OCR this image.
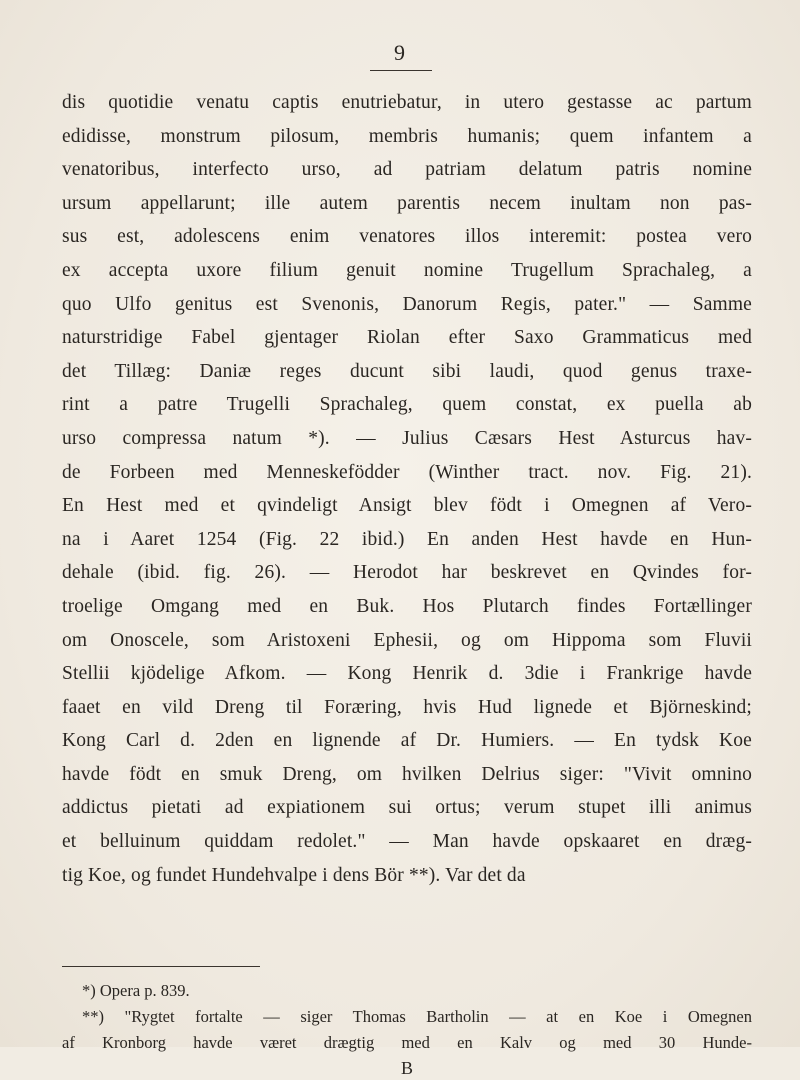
9
dis quotidie venatu captis enutriebatur, in utero gestasse ac partum
edidisse, monstrum pilosum, membris humanis; quem infantem a
venatoribus, interfecto urso, ad patriam delatum patris nomine
ursum appellarunt; ille autem parentis necem inultam non pas-
sus est, adolescens enim venatores illos interemit: postea vero
ex accepta uxore filium genuit nomine Trugellum Sprachaleg, a
quo Ulfo genitus est Svenonis, Danorum Regis, pater." — Samme
naturstridige Fabel gjentager Riolan efter Saxo Grammaticus med
det Tillæg: Daniæ reges ducunt sibi laudi, quod genus traxe-
rint a patre Trugelli Sprachaleg, quem constat, ex puella ab
urso compressa natum *). — Julius Cæsars Hest Asturcus hav-
de Forbeen med Menneskefödder (Winther tract. nov. Fig. 21).
En Hest med et qvindeligt Ansigt blev födt i Omegnen af Vero-
na i Aaret 1254 (Fig. 22 ibid.) En anden Hest havde en Hun-
dehale (ibid. fig. 26). — Herodot har beskrevet en Qvindes for-
troelige Omgang med en Buk. Hos Plutarch findes Fortællinger
om Onoscele, som Aristoxeni Ephesii, og om Hippoma som Fluvii
Stellii kjödelige Afkom. — Kong Henrik d. 3die i Frankrige havde
faaet en vild Dreng til Foræring, hvis Hud lignede et Björneskind;
Kong Carl d. 2den en lignende af Dr. Humiers. — En tydsk Koe
havde födt en smuk Dreng, om hvilken Delrius siger: "Vivit omnino
addictus pietati ad expiationem sui ortus; verum stupet illi animus
et belluinum quiddam redolet." — Man havde opskaaret en dræg-
tig Koe, og fundet Hundehvalpe i dens Bör **). Var det da
*) Opera p. 839.
**) "Rygtet fortalte — siger Thomas Bartholin — at en Koe i Omegnen
af Kronborg havde været drægtig med en Kalv og med 30 Hunde-
B
